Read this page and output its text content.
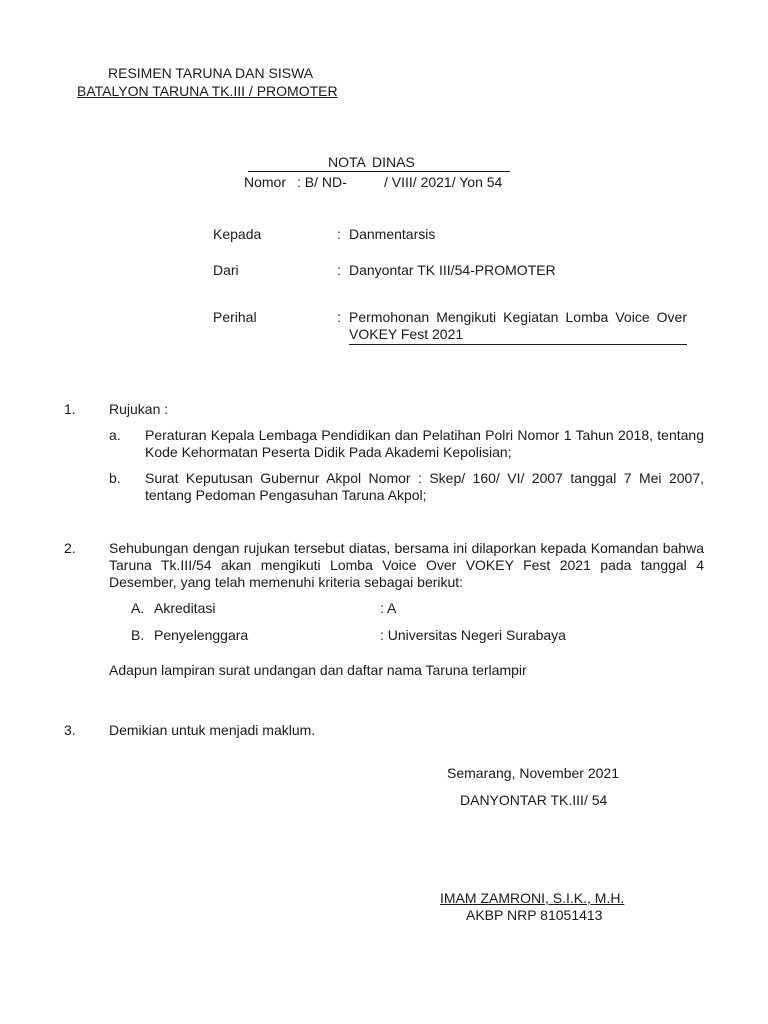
RESIMEN TARUNA DAN SISWA
BATALYON TARUNA TK.III / PROMOTER
NOTA DINAS
Nomor : B/ ND-	/ VIII/ 2021/ Yon 54
Kepada	: Danmentarsis
Dari	: Danyontar TK III/54-PROMOTER
Perihal	: Permohonan Mengikuti Kegiatan Lomba Voice Over VOKEY Fest 2021
1. Rujukan :
a. Peraturan Kepala Lembaga Pendidikan dan Pelatihan Polri Nomor 1 Tahun 2018, tentang Kode Kehormatan Peserta Didik Pada Akademi Kepolisian;
b. Surat Keputusan Gubernur Akpol Nomor : Skep/ 160/ VI/ 2007 tanggal 7 Mei 2007, tentang Pedoman Pengasuhan Taruna Akpol;
2. Sehubungan dengan rujukan tersebut diatas, bersama ini dilaporkan kepada Komandan bahwa Taruna Tk.III/54 akan mengikuti Lomba Voice Over VOKEY Fest 2021 pada tanggal 4 Desember, yang telah memenuhi kriteria sebagai berikut:
A. Akreditasi	: A
B. Penyelenggara	: Universitas Negeri Surabaya
Adapun lampiran surat undangan dan daftar nama Taruna terlampir
3. Demikian untuk menjadi maklum.
Semarang, November 2021
DANYONTAR TK.III/ 54
IMAM ZAMRONI, S.I.K., M.H.
AKBP NRP 81051413
